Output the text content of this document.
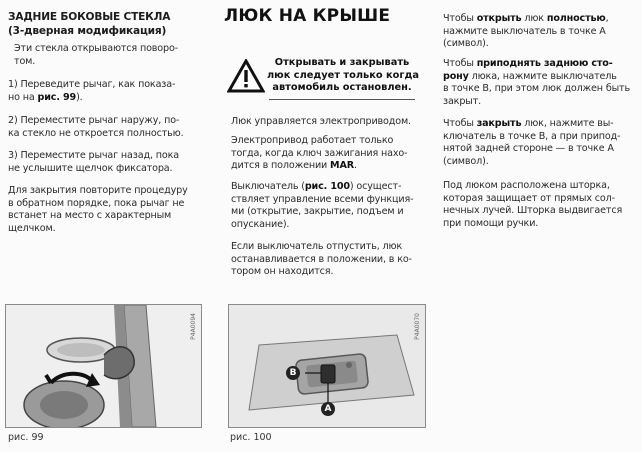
ЗАДНИЕ БОКОВЫЕ СТЕКЛА
(3-дверная модификация)
Эти стекла открываются поворо-
том.
1) Переведите рычаг, как показа-
но на рис. 99).
2) Переместите рычаг наружу, по-
ка стекло не откроется полностью.
3) Переместите рычаг назад, пока
не услышите щелчок фиксатора.
Для закрытия повторите процедуру
в обратном порядке, пока рычаг не
встанет на место с характерным
щелчком.
ЛЮК НА КРЫШЕ
Открывать и закрывать
люк следует только когда
автомобиль остановлен.
Люк управляется электроприводом.
Электропривод работает только
тогда, когда ключ зажигания нахо-
дится в положении MAR.
Выключатель (рис. 100) осущест-
ствляет управление всеми функция-
ми (открытие, закрытие, подъем и
опускание).
Если выключатель отпустить, люк
останавливается в положении, в ко-
тором он находится.
Чтобы открыть люк полностью,
нажмите выключатель в точке A
(символ).
Чтобы приподнять заднюю сто-
рону люка, нажмите выключатель
в точке B, при этом люк должен быть
закрыт.
Чтобы закрыть люк, нажмите вы-
ключатель в точке B, а при припод-
нятой задней стороне — в точке A
(символ).
Под люком расположена шторка,
которая защищает от прямых сол-
нечных лучей. Шторка выдвигается
при помощи ручки.
P4A0094
рис. 99
B
A
P4A0070
рис. 100
